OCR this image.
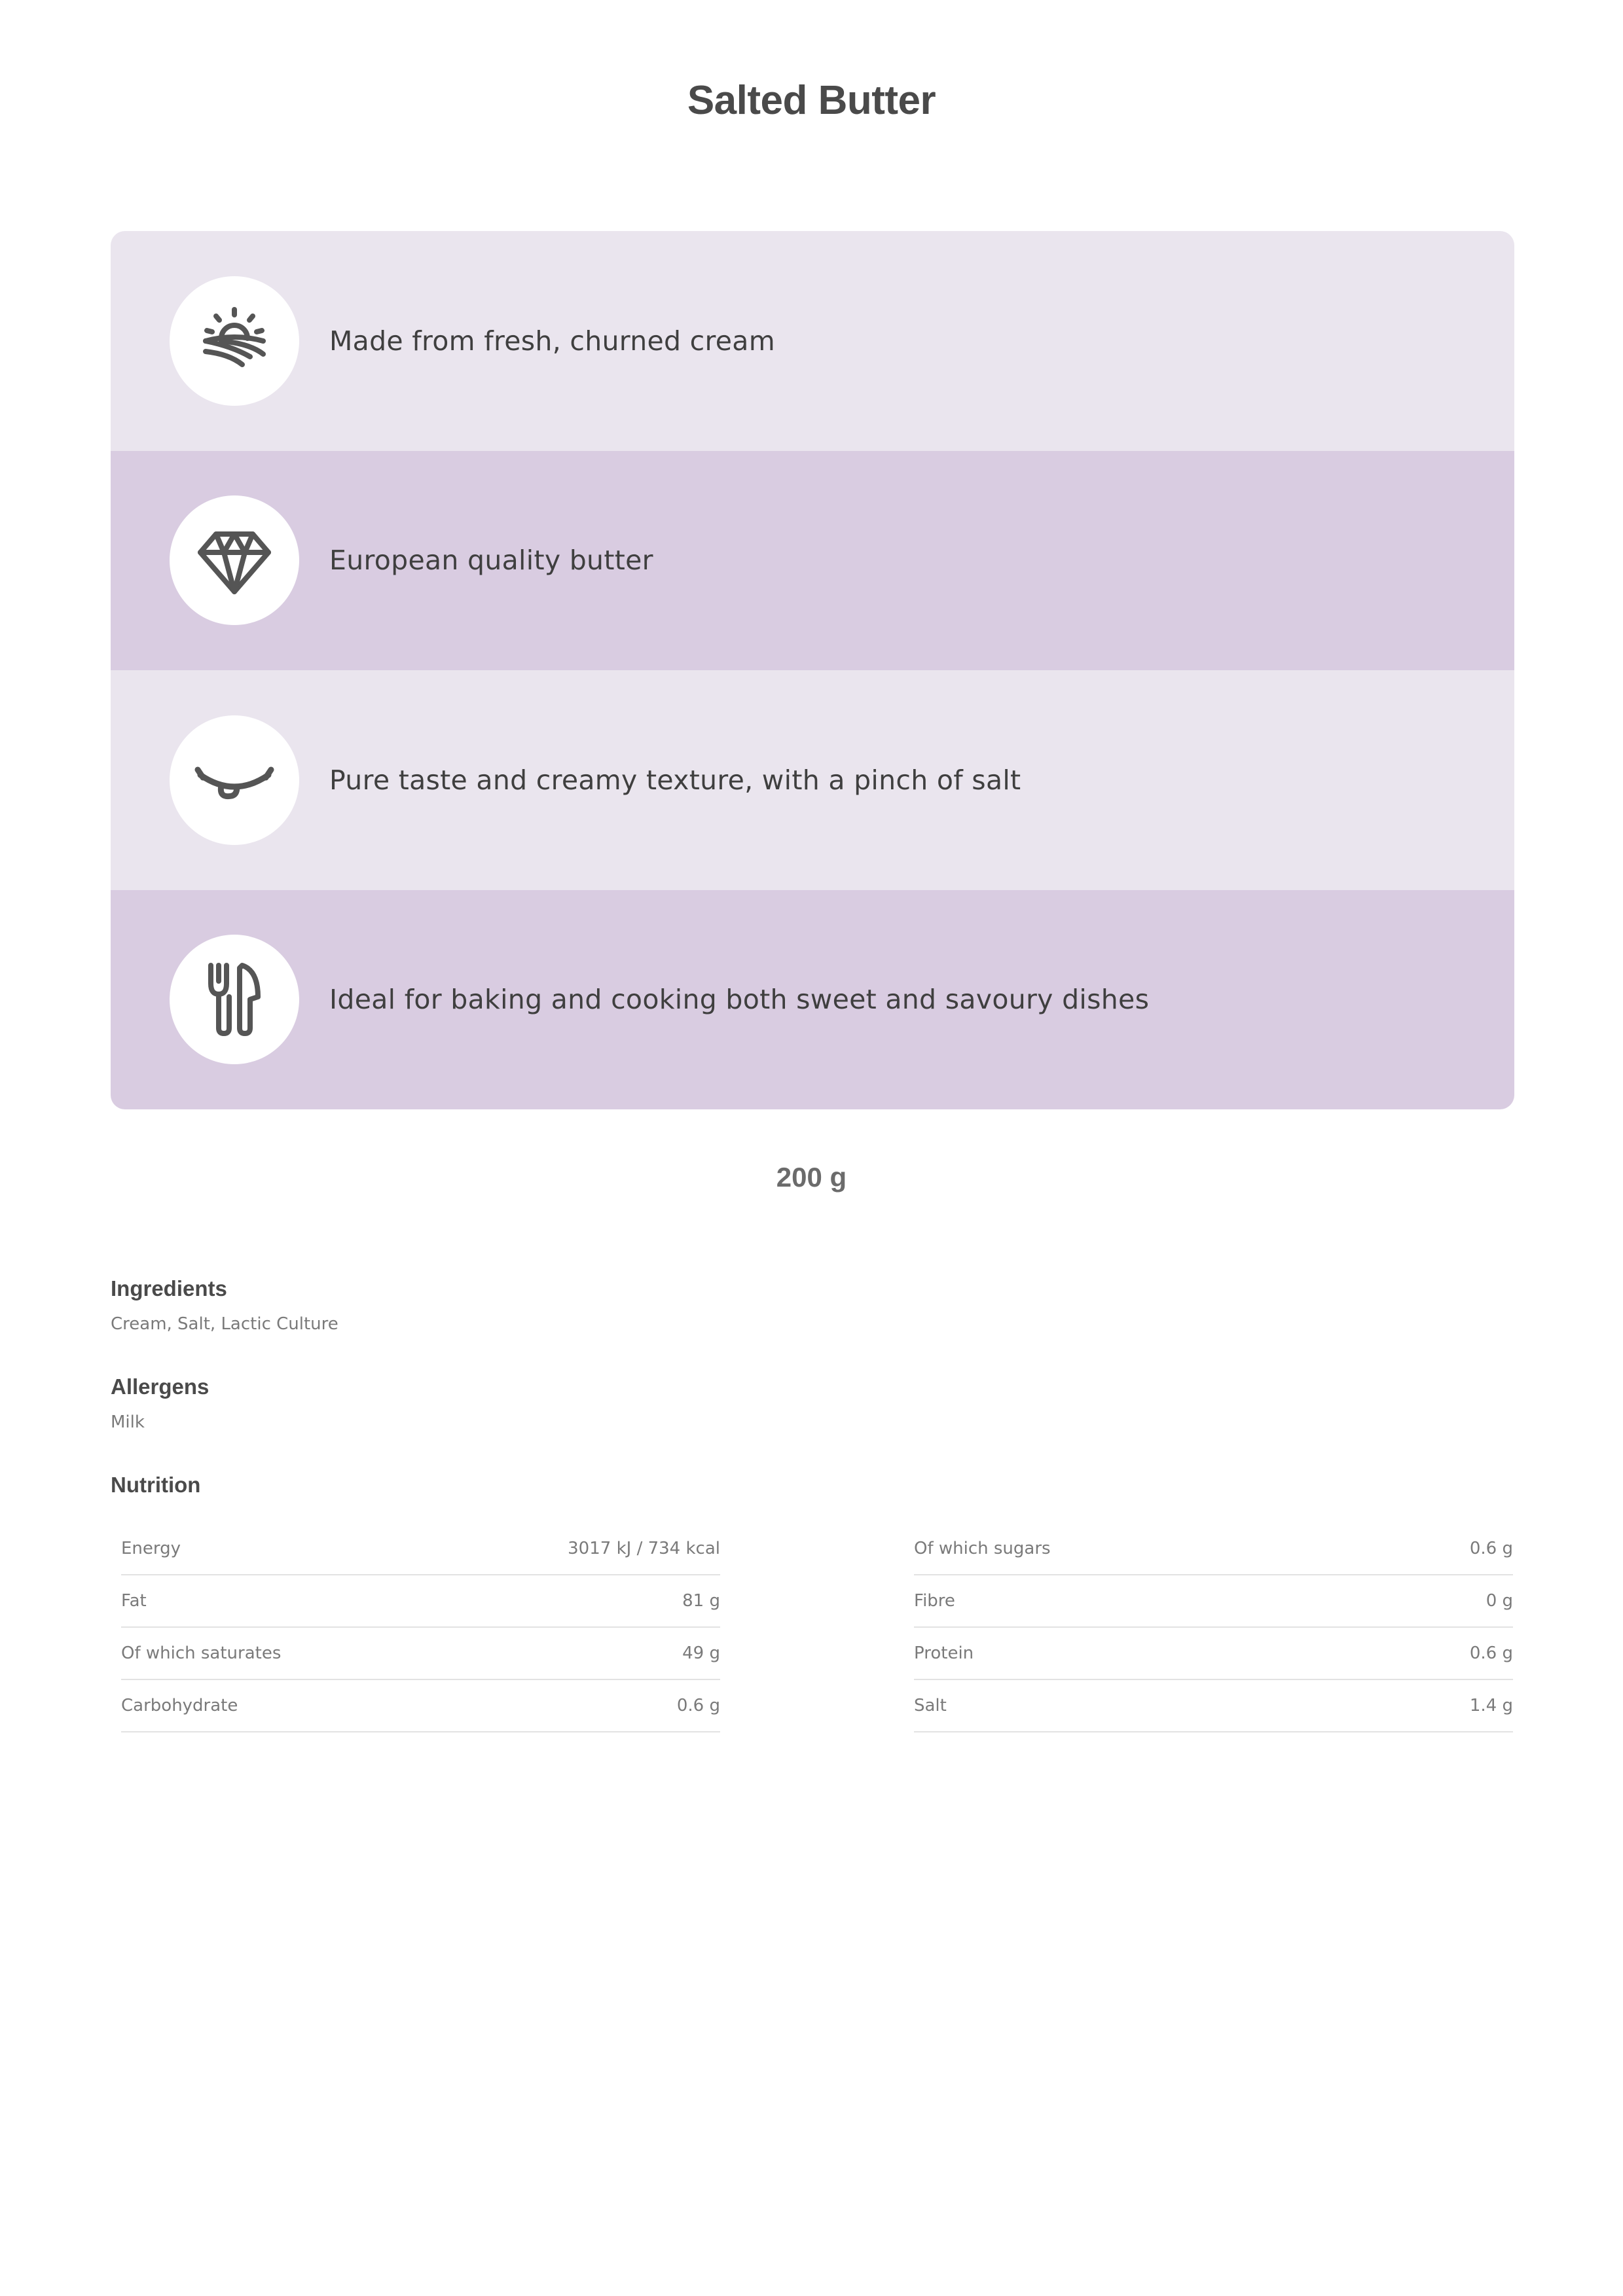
Salted Butter
Made from fresh, churned cream
European quality butter
Pure taste and creamy texture, with a pinch of salt
Ideal for baking and cooking both sweet and savoury dishes
200 g
Ingredients
Cream, Salt, Lactic Culture
Allergens
Milk
Nutrition
Energy	3017 kJ / 734 kcal
Fat	81 g
Of which saturates	49 g
Carbohydrate	0.6 g
Of which sugars	0.6 g
Fibre	0 g
Protein	0.6 g
Salt	1.4 g
